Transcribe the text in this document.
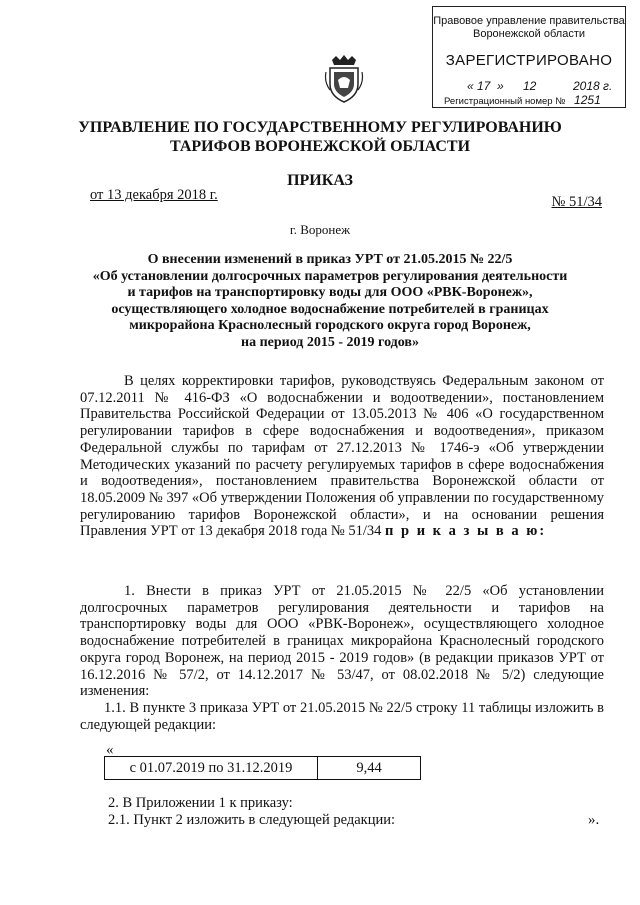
Правовое управление правительства
Воронежской области
ЗАРЕГИСТРИРОВАНО
« 17 » 12	2018 г.
Регистрационный номер № 1251
УПРАВЛЕНИЕ ПО ГОСУДАРСТВЕННОМУ РЕГУЛИРОВАНИЮ
ТАРИФОВ ВОРОНЕЖСКОЙ ОБЛАСТИ
ПРИКАЗ
от 13 декабря 2018 г.	№ 51/34
г. Воронеж
О внесении изменений в приказ УРТ от 21.05.2015 № 22/5
«Об установлении долгосрочных параметров регулирования деятельности
и тарифов на транспортировку воды для ООО «РВК-Воронеж»,
осуществляющего холодное водоснабжение потребителей в границах
микрорайона Краснолесный городского округа город Воронеж,
на период 2015 - 2019 годов»

В целях корректировки тарифов, руководствуясь Федеральным законом от 07.12.2011 № 416-ФЗ «О водоснабжении и водоотведении», постановлением Правительства Российской Федерации от 13.05.2013 № 406 «О государственном регулировании тарифов в сфере водоснабжения и водоотведения», приказом Федеральной службы по тарифам от 27.12.2013 № 1746-э «Об утверждении Методических указаний по расчету регулируемых тарифов в сфере водоснабжения и водоотведения», постановлением правительства Воронежской области от 18.05.2009 № 397 «Об утверждении Положения об управлении по государственному регулированию тарифов Воронежской области», и на основании решения Правления УРТ от 13 декабря 2018 года № 51/34 п р и к а з ы в а ю:

1. Внести в приказ УРТ от 21.05.2015 № 22/5 «Об установлении долгосрочных параметров регулирования деятельности и тарифов на транспортировку воды для ООО «РВК-Воронеж», осуществляющего холодное водоснабжение потребителей в границах микрорайона Краснолесный городского округа город Воронеж, на период 2015 - 2019 годов» (в редакции приказов УРТ от 16.12.2016 № 57/2, от 14.12.2017 № 53/47, от 08.02.2018 № 5/2) следующие изменения:

1.1. В пункте 3 приказа УРТ от 21.05.2015 № 22/5 строку 11 таблицы изложить в следующей редакции:

«
с 01.07.2019 по 31.12.2019	9,44
».
2. В Приложении 1 к приказу:
2.1. Пункт 2 изложить в следующей редакции:
